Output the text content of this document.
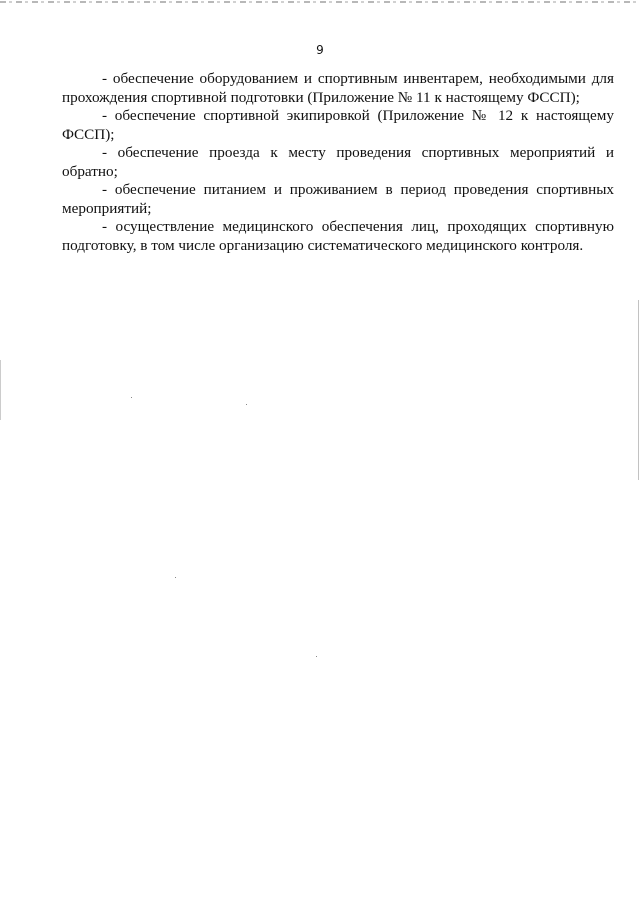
9

- обеспечение оборудованием и спортивным инвентарем, необходимыми для прохождения спортивной подготовки (Приложение № 11 к настоящему ФССП);

- обеспечение спортивной экипировкой (Приложение № 12 к настоящему ФССП);

- обеспечение проезда к месту проведения спортивных мероприятий и обратно;

- обеспечение питанием и проживанием в период проведения спортивных мероприятий;

- осуществление медицинского обеспечения лиц, проходящих спортивную подготовку, в том числе организацию систематического медицинского контроля.
